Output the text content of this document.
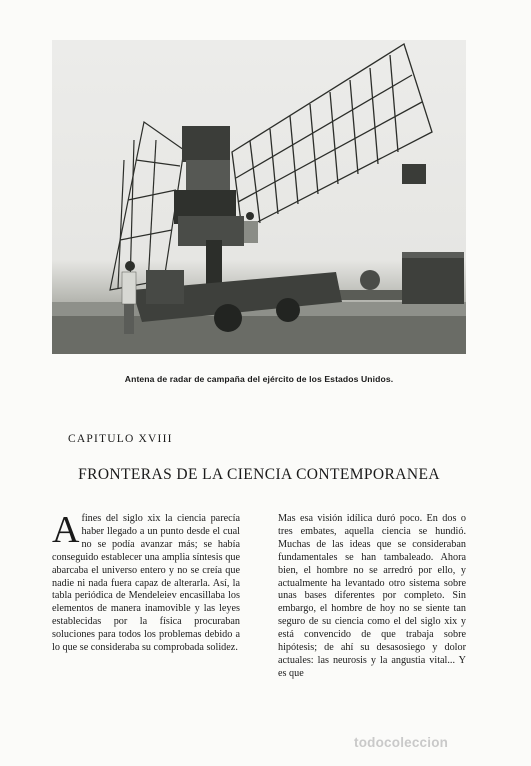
Antena de radar de campaña del ejército de los Estados Unidos.
CAPITULO XVIII
FRONTERAS DE LA CIENCIA CONTEMPORANEA

Afines del siglo xix la ciencia parecía haber llegado a un punto desde el cual no se podía avanzar más; se había conseguido establecer una amplia síntesis que abarcaba el universo entero y no se creía que nadie ni nada fuera capaz de alterarla. Así, la tabla periódica de Mendeleiev encasillaba los elementos de manera inamovible y las leyes establecidas por la física procuraban soluciones para todos los problemas debido a lo que se consideraba su comprobada solidez.

Mas esa visión idílica duró poco. En dos o tres embates, aquella ciencia se hundió. Muchas de las ideas que se consideraban fundamentales se han tambaleado. Ahora bien, el hombre no se arredró por ello, y actualmente ha levantado otro sistema sobre unas bases diferentes por completo. Sin embargo, el hombre de hoy no se siente tan seguro de su ciencia como el del siglo xix y está convencido de que trabaja sobre hipótesis; de ahí su desasosiego y dolor actuales: las neurosis y la angustia vital... Y es que

todocoleccion
